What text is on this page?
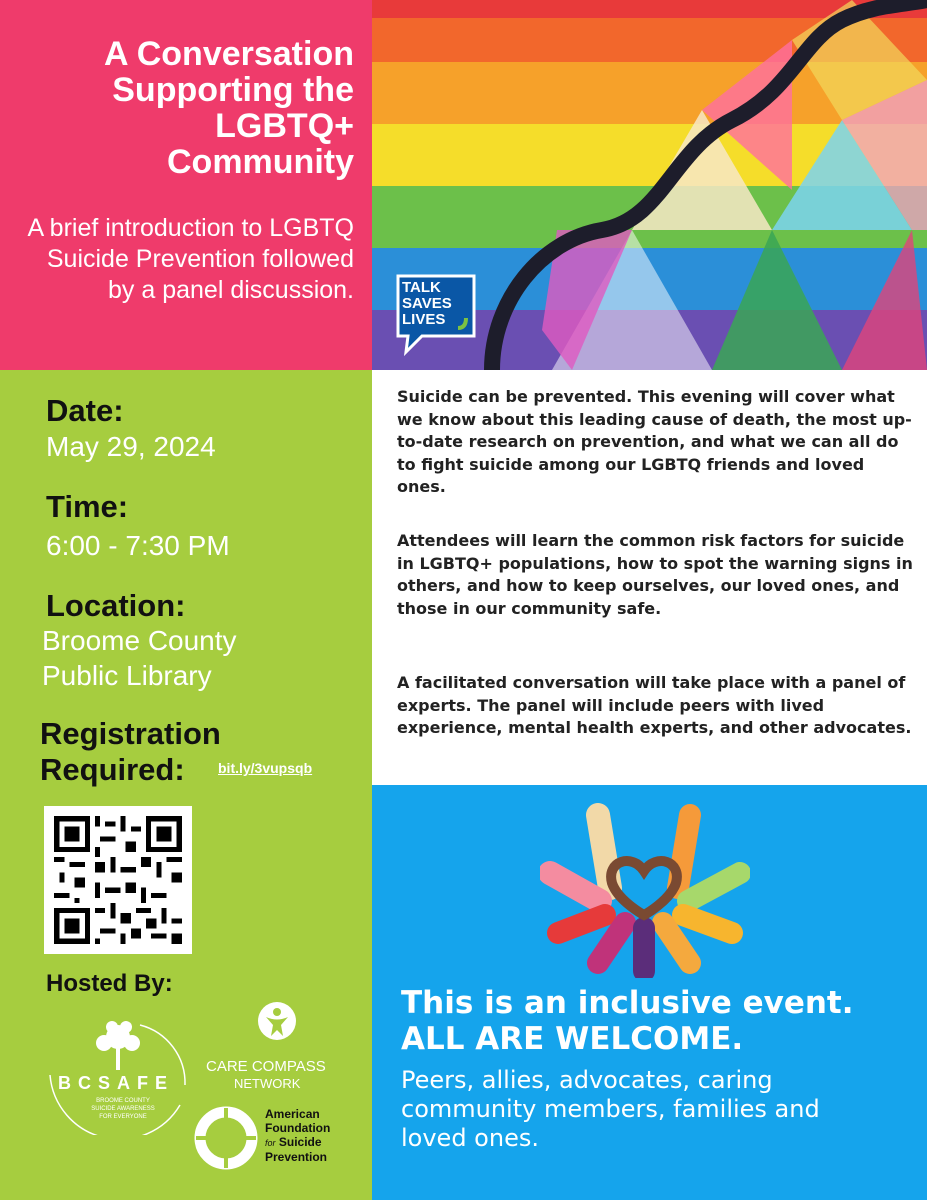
A Conversation Supporting the LGBTQ+ Community

A brief introduction to LGBTQ Suicide Prevention followed by a panel discussion.	TALK
SAVES
LIVES

Date:

May 29, 2024

Time:

6:00 - 7:30 PM

Location:

Broome County

Public Library

Registration

Required: bit.ly/3vupsqb

Hosted By:

BCSAFE
BROOME COUNTY
SUICIDE AWARENESS
FOR EVERYONE
CARE COMPASS
NETWORK
American
Foundation
for Suicide
Prevention

Suicide can be prevented. This evening will cover what we know about this leading cause of death, the most up-to-date research on prevention, and what we can all do to fight suicide among our LGBTQ friends and loved ones.

Attendees will learn the common risk factors for suicide in LGBTQ+ populations, how to spot the warning signs in others, and how to keep ourselves, our loved ones, and those in our community safe.

A facilitated conversation will take place with a panel of experts. The panel will include peers with lived experience, mental health experts, and other advocates.

This is an inclusive event.
ALL ARE WELCOME.

Peers, allies, advocates, caring community members, families and loved ones.
